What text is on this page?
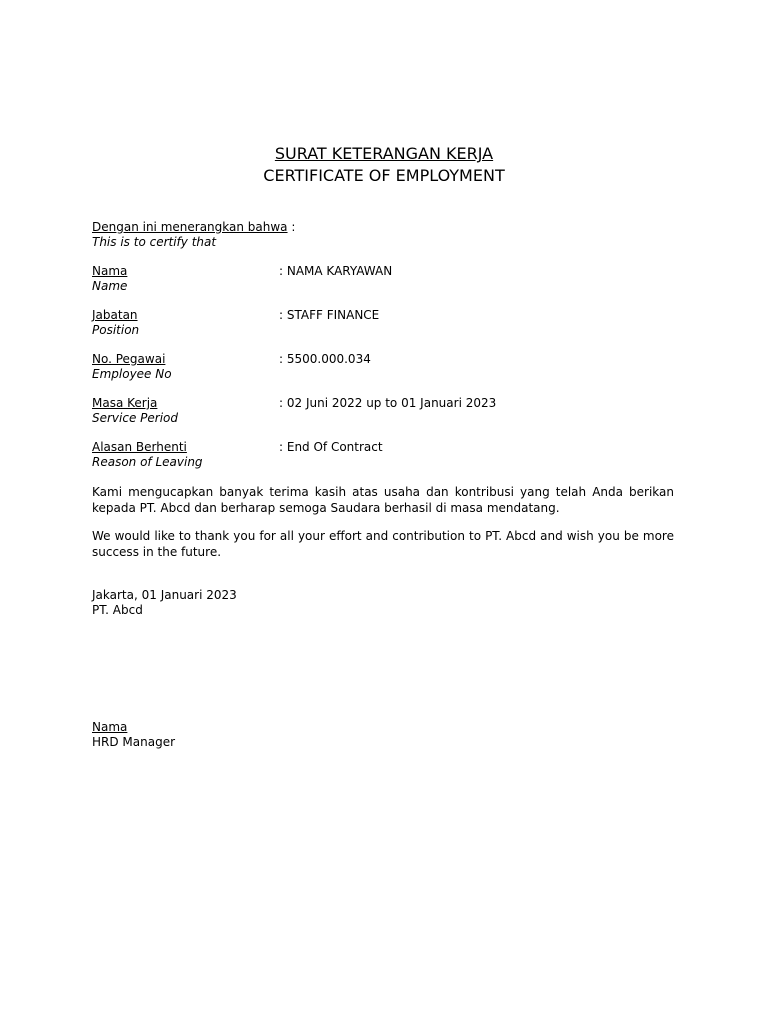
SURAT KETERANGAN KERJA
CERTIFICATE OF EMPLOYMENT
Dengan ini menerangkan bahwa :
This is to certify that
Nama
Name
: NAMA KARYAWAN
Jabatan
Position
: STAFF FINANCE
No. Pegawai
Employee No
: 5500.000.034
Masa Kerja
Service Period
: 02 Juni 2022 up to 01 Januari 2023
Alasan Berhenti
Reason of Leaving
: End Of Contract
Kami mengucapkan banyak terima kasih atas usaha dan kontribusi yang telah Anda berikan kepada PT. Abcd dan berharap semoga Saudara berhasil di masa mendatang.
We would like to thank you for all your effort and contribution to PT. Abcd and wish you be more success in the future.
Jakarta, 01 Januari 2023
PT. Abcd
Nama
HRD Manager
